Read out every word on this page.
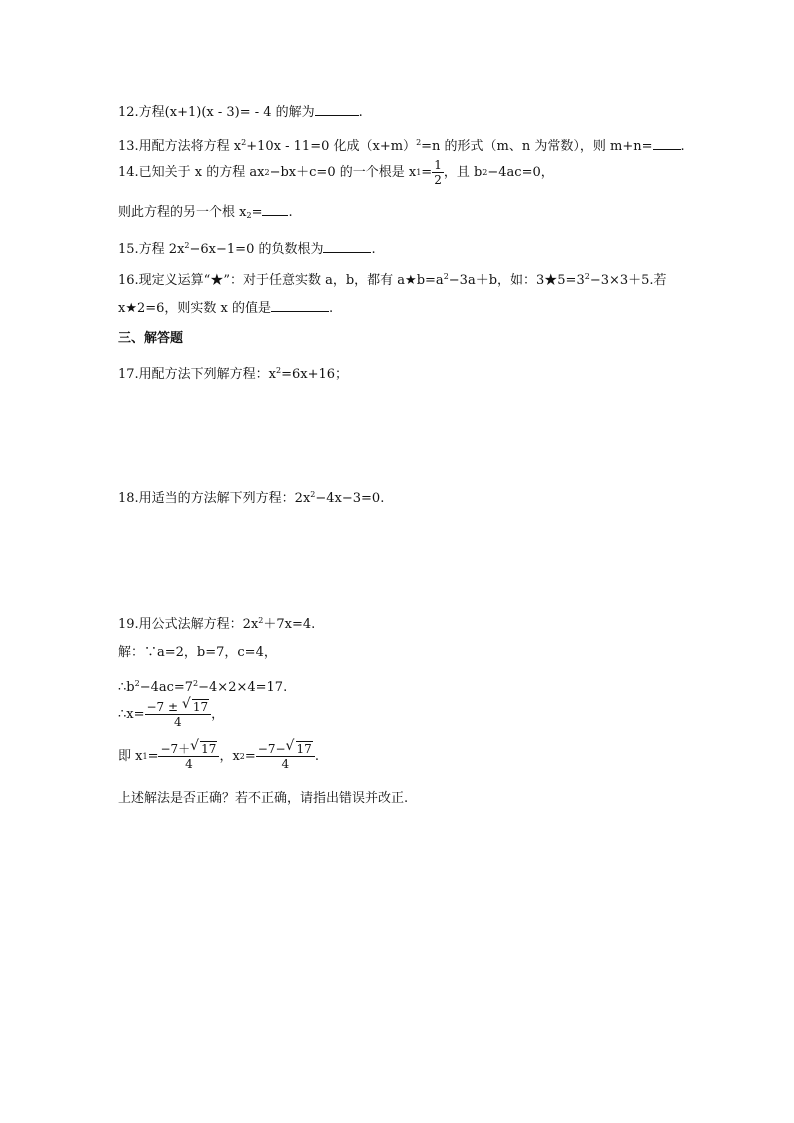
12.方程(x+1)(x - 3)= - 4 的解为	.
13.用配方法将方程 $x^2+10x - 11=0$ 化成$(x+m)^2=n$ 的形式（m、n 为常数），则 m+n= .
14.已知关于 x 的方程 ax 2 −bx＋c=0 的一个根是 x $1 = \frac{1}{2}$ ，且 b 2 −4ac=0，
则此方程的另一个根 $x_2=$ .
15.方程 $2x^2-6x-1=0$ 的负数根为	.
16.现定义运算“★”：对于任意实数 a，b，都有 $a★b=a^2-3a+b$，如：$3★5=3^2-3\times 3+5$.若
x★2=6，则实数 x 的值是	.
三、解答题
17.用配方法下列解方程：$x^2=6x+16$；
18.用适当的方法解下列方程：$2x^2-4x-3=0$.
19.用公式法解方程：$2x^2+7x=4$.
解：∵a=2，b=7，c=4，
$\therefore b^2-4ac=7^2-4\times 2\times 4=17$.
∴x= $\frac{-7 \pm √ 17}{4}$ ，
即 x $1 = \frac{-7+ √ 17}{4}$ ，x $2 = \frac{-7- √ 17}{4}$ .
上述解法是否正确？若不正确，请指出错误并改正.
